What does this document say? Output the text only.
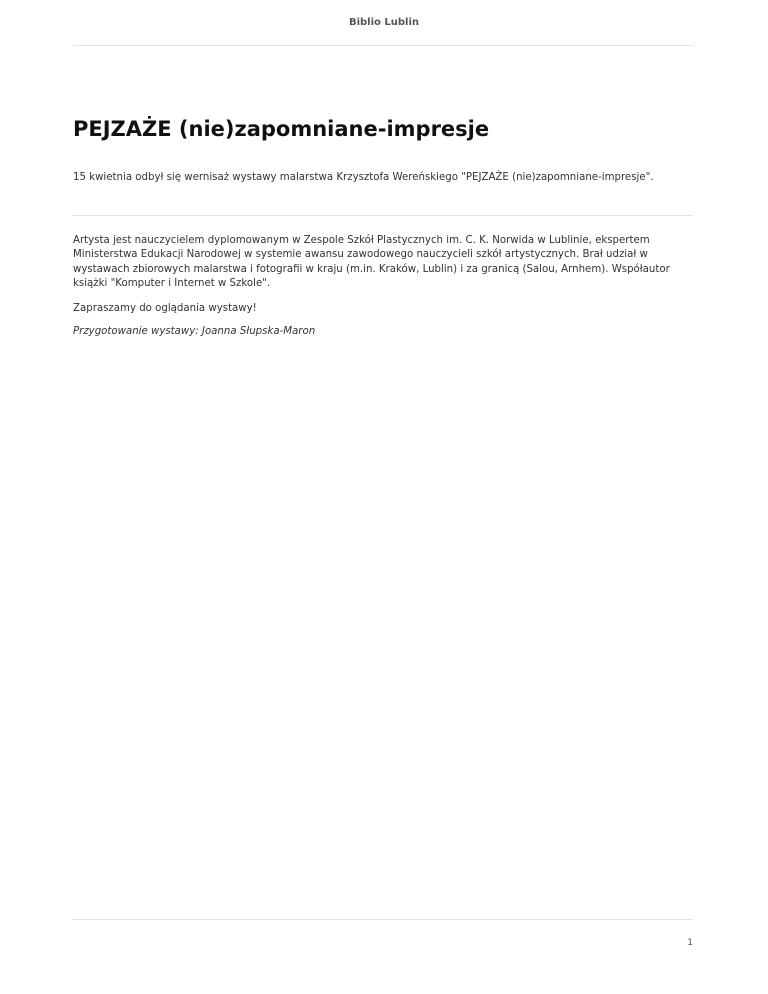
Biblio Lublin
PEJZAŻE (nie)zapomniane-impresje

15 kwietnia odbył się wernisaż wystawy malarstwa Krzysztofa Wereńskiego "PEJZAŻE (nie)zapomniane-impresje".

Artysta jest nauczycielem dyplomowanym w Zespole Szkół Plastycznych im. C. K. Norwida w Lublinie, ekspertem Ministerstwa Edukacji Narodowej w systemie awansu zawodowego nauczycieli szkół artystycznych. Brał udział w wystawach zbiorowych malarstwa i fotografii w kraju (m.in. Kraków, Lublin) i za granicą (Salou, Arnhem). Współautor książki "Komputer i Internet w Szkole".

Zapraszamy do oglądania wystawy!

Przygotowanie wystawy: Joanna Słupska-Maron

1
